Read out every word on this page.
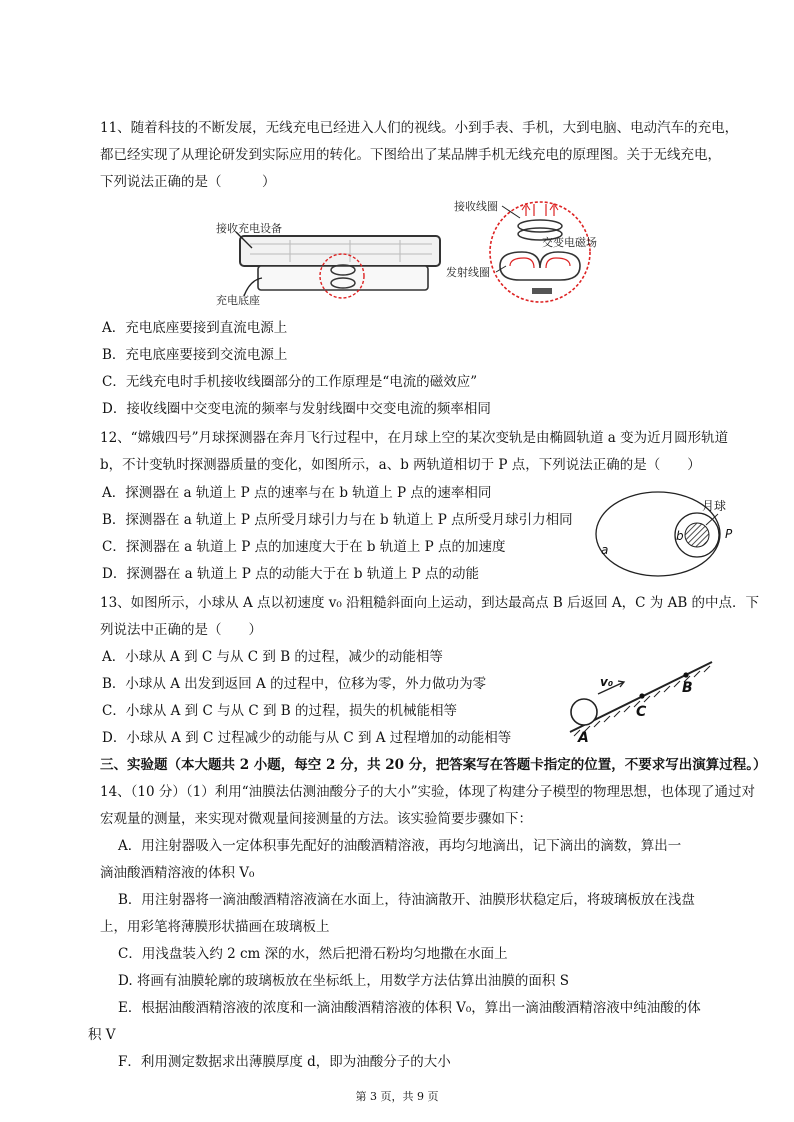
11、随着科技的不断发展，无线充电已经进入人们的视线。小到手表、手机，大到电脑、电动汽车的充电，
都已经实现了从理论研发到实际应用的转化。下图给出了某品牌手机无线充电的原理图。关于无线充电，
下列说法正确的是（　　　）
接收充电设备
充电底座
接收线圈
交变电磁场
发射线圈
A．充电底座要接到直流电源上
B．充电底座要接到交流电源上
C．无线充电时手机接收线圈部分的工作原理是“电流的磁效应”
D．接收线圈中交变电流的频率与发射线圈中交变电流的频率相同
12、“嫦娥四号”月球探测器在奔月飞行过程中，在月球上空的某次变轨是由椭圆轨道 a 变为近月圆形轨道
b，不计变轨时探测器质量的变化，如图所示，a、b 两轨道相切于 P 点，下列说法正确的是（　　）
A．探测器在 a 轨道上 P 点的速率与在 b 轨道上 P 点的速率相同
B．探测器在 a 轨道上 P 点所受月球引力与在 b 轨道上 P 点所受月球引力相同
C．探测器在 a 轨道上 P 点的加速度大于在 b 轨道上 P 点的加速度
D．探测器在 a 轨道上 P 点的动能大于在 b 轨道上 P 点的动能
月球
b
a
P
13、如图所示，小球从 A 点以初速度 v₀ 沿粗糙斜面向上运动，到达最高点 B 后返回 A，C 为 AB 的中点．下
列说法中正确的是（　　）
A．小球从 A 到 C 与从 C 到 B 的过程，减少的动能相等
B．小球从 A 出发到返回 A 的过程中，位移为零，外力做功为零
C．小球从 A 到 C 与从 C 到 B 的过程，损失的机械能相等
D．小球从 A 到 C 过程减少的动能与从 C 到 A 过程增加的动能相等
v₀
C
B
A
三、实验题（本大题共 2 小题，每空 2 分，共 20 分，把答案写在答题卡指定的位置，不要求写出演算过程。）
14、（10 分）（1）利用“油膜法估测油酸分子的大小”实验，体现了构建分子模型的物理思想，也体现了通过对
宏观量的测量，来实现对微观量间接测量的方法。该实验简要步骤如下：
A．用注射器吸入一定体积事先配好的油酸酒精溶液，再均匀地滴出，记下滴出的滴数，算出一
滴油酸酒精溶液的体积 V₀
B．用注射器将一滴油酸酒精溶液滴在水面上，待油滴散开、油膜形状稳定后，将玻璃板放在浅盘
上，用彩笔将薄膜形状描画在玻璃板上
C．用浅盘装入约 2 cm 深的水，然后把滑石粉均匀地撒在水面上
D. 将画有油膜轮廓的玻璃板放在坐标纸上，用数学方法估算出油膜的面积 S
E．根据油酸酒精溶液的浓度和一滴油酸酒精溶液的体积 V₀，算出一滴油酸酒精溶液中纯油酸的体
积 V
F．利用测定数据求出薄膜厚度 d，即为油酸分子的大小
第 3 页，共 9 页
